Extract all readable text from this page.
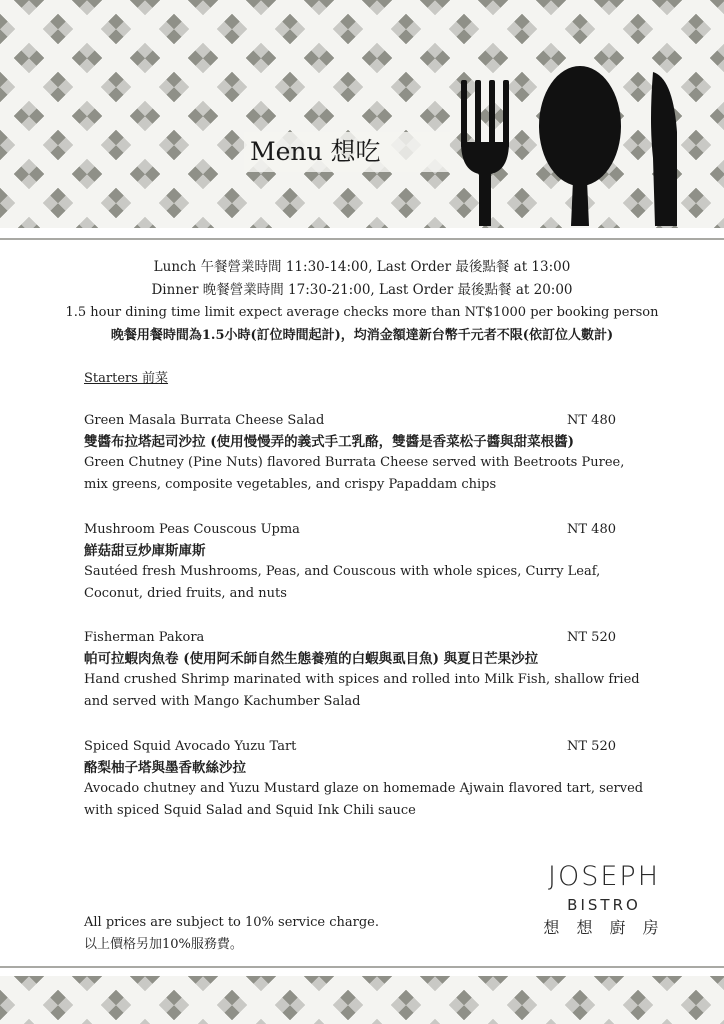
Menu 想吃
Lunch 午餐營業時間 11:30-14:00, Last Order 最後點餐 at 13:00
Dinner 晚餐營業時間 17:30-21:00, Last Order 最後點餐 at 20:00
1.5 hour dining time limit expect average checks more than NT$1000 per booking person
晚餐用餐時間為1.5小時(訂位時間起計)，均消金額達新台幣千元者不限(依訂位人數計)
Starters 前菜
Green Masala Burrata Cheese Salad	NT 480
雙醬布拉塔起司沙拉 (使用慢慢弄的義式手工乳酪，雙醬是香菜松子醬與甜菜根醬)
Green Chutney (Pine Nuts) flavored Burrata Cheese served with Beetroots Puree, mix greens, composite vegetables, and crispy Papaddam chips
Mushroom Peas Couscous Upma	NT 480
鮮菇甜豆炒庫斯庫斯
Sautéed fresh Mushrooms, Peas, and Couscous with whole spices, Curry Leaf, Coconut, dried fruits, and nuts
Fisherman Pakora	NT 520
帕可拉蝦肉魚卷 (使用阿禾師自然生態養殖的白蝦與虱目魚) 與夏日芒果沙拉
Hand crushed Shrimp marinated with spices and rolled into Milk Fish, shallow fried and served with Mango Kachumber Salad
Spiced Squid Avocado Yuzu Tart	NT 520
酪梨柚子塔與墨香軟絲沙拉
Avocado chutney and Yuzu Mustard glaze on homemade Ajwain flavored tart, served with spiced Squid Salad and Squid Ink Chili sauce
JOSEPH
BISTRO
想 想 廚 房
All prices are subject to 10% service charge.
以上價格另加10%服務費。
